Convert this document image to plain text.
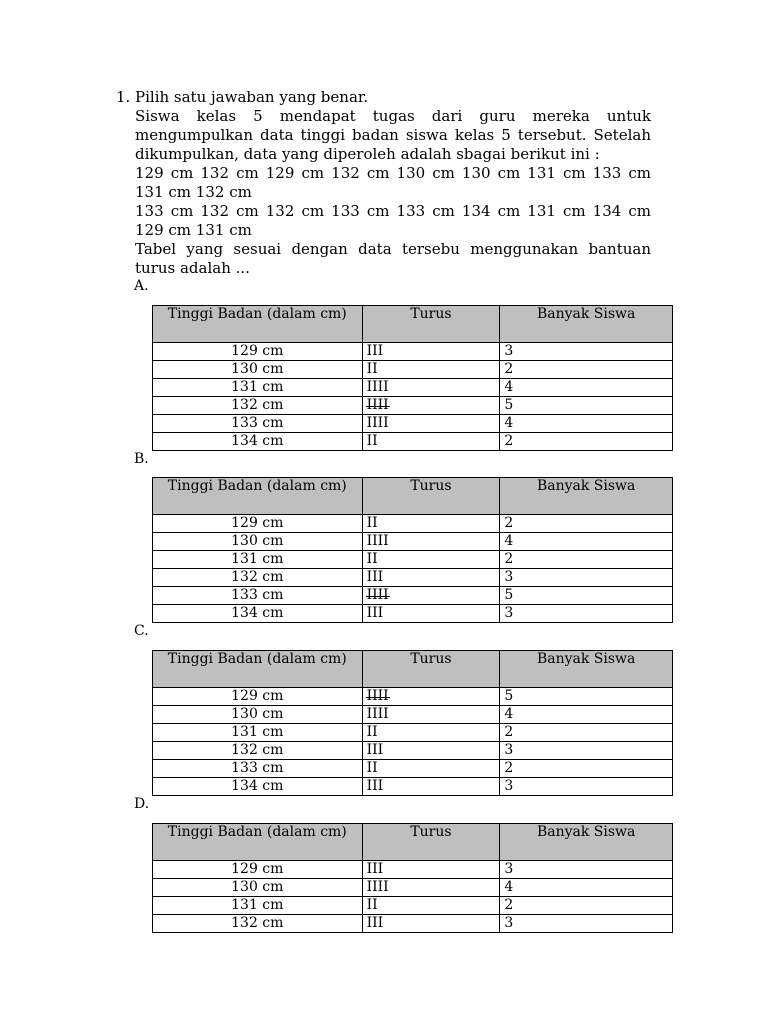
1. Pilih satu jawaban yang benar.

Siswa kelas 5 mendapat tugas dari guru mereka untuk

mengumpulkan data tinggi badan siswa kelas 5 tersebut. Setelah

dikumpulkan, data yang diperoleh adalah sbagai berikut ini :

129 cm 132 cm 129 cm 132 cm 130 cm 130 cm 131 cm 133 cm

131 cm 132 cm

133 cm 132 cm 132 cm 133 cm 133 cm 134 cm 131 cm 134 cm

129 cm 131 cm

Tabel yang sesuai dengan data tersebu menggunakan bantuan

turus adalah ...

A.
Tinggi Badan (dalam cm)	Turus	Banyak Siswa
129 cm	III	3
130 cm	II	2
131 cm	IIII	4
132 cm	IIII	5
133 cm	IIII	4
134 cm	II	2
B.
Tinggi Badan (dalam cm)	Turus	Banyak Siswa
129 cm	II	2
130 cm	IIII	4
131 cm	II	2
132 cm	III	3
133 cm	IIII	5
134 cm	III	3
C.
Tinggi Badan (dalam cm)	Turus	Banyak Siswa
129 cm	IIII	5
130 cm	IIII	4
131 cm	II	2
132 cm	III	3
133 cm	II	2
134 cm	III	3
D.
Tinggi Badan (dalam cm)	Turus	Banyak Siswa
129 cm	III	3
130 cm	IIII	4
131 cm	II	2
132 cm	III	3
